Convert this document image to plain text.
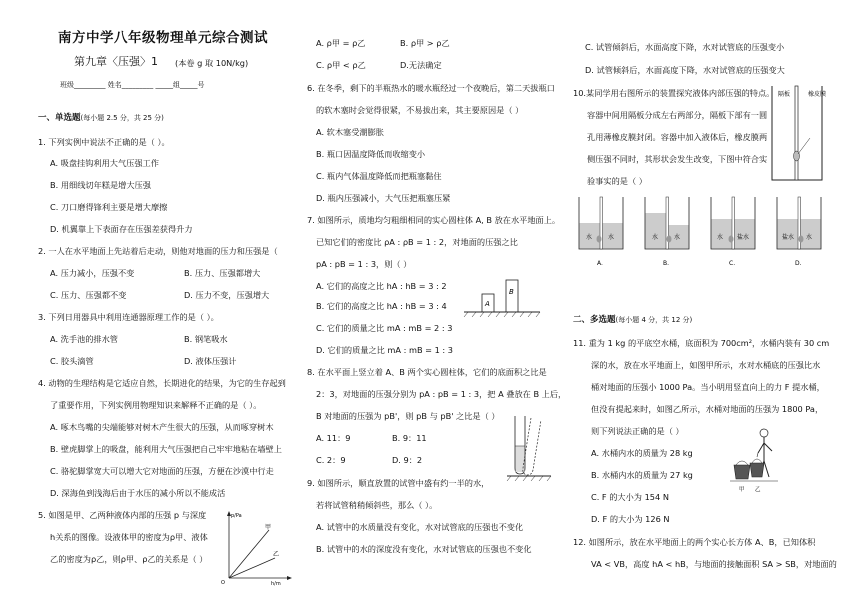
南方中学八年级物理单元综合测试
第九章〈压强〉1 (本卷 g 取 10N/kg)
班级_________ 姓名_________ _____组_____号
一、单选题(每小题 2.5 分，共 25 分)
1. 下列实例中说法不正确的是（ ）。
A. 吸盘挂钩利用大气压强工作
B. 用细线切年糕是增大压强
C. 刀口磨得锋利主要是增大摩擦
D. 机翼靠上下表面存在压强差获得升力
2. 一人在水平地面上先站着后走动，则他对地面的压力和压强是（
A. 压力减小，压强不变	B. 压力、压强都增大
C. 压力、压强都不变	D. 压力不变，压强增大
3. 下列日用器具中利用连通器原理工作的是（ ）。
A. 洗手池的排水管	B. 钢笔吸水
C. 胶头滴管	D. 液体压强计
4. 动物的生理结构是它适应自然，长期进化的结果，为它的生存起到
了重要作用，下列实例用物理知识来解释不正确的是（ ）。
A. 啄木鸟嘴的尖端能够对树木产生很大的压强，从而啄穿树木
B. 壁虎脚掌上的吸盘，能利用大气压强把自己牢牢地粘在墙壁上
C. 骆驼脚掌宽大可以增大它对地面的压强，方便在沙漠中行走
D. 深海鱼到浅海后由于水压的减小所以不能成活
5. 如图是甲、乙两种液体内部的压强 p 与深度
h关系的图像。设液体甲的密度为ρ甲、液体
乙的密度为ρ乙，则ρ甲、ρ乙的关系是（ ）
p/Pa
h/m
O
甲
乙
A. ρ甲 = ρ乙	B. ρ甲 > ρ乙
C. ρ甲 < ρ乙	D.无法确定
6. 在冬季，剩下的半瓶热水的暖水瓶经过一个夜晚后，第二天拔瓶口
的软木塞时会觉得很紧，不易拔出来，其主要原因是（ ）
A. 软木塞受潮膨胀
B. 瓶口因温度降低而收缩变小
C. 瓶内气体温度降低而把瓶塞黏住
D. 瓶内压强减小，大气压把瓶塞压紧
7. 如图所示，质地均匀粗细相同的实心圆柱体 A, B 放在水平地面上。
已知它们的密度比 ρA : ρB = 1 : 2，对地面的压强之比
pA : pB = 1 : 3，则（ ）
A. 它们的高度之比 hA : hB = 3 : 2
B. 它们的高度之比 hA : hB = 3 : 4
C. 它们的质量之比 mA : mB = 2 : 3
D. 它们的质量之比 mA : mB = 1 : 3
A
B
8. 在水平面上竖立着 A、B 两个实心圆柱体，它们的底面积之比是
2：3，对地面的压强分别为 pA : pB = 1 : 3，把 A 叠放在 B 上后，
B 对地面的压强为 pB'，则 pB 与 pB' 之比是（ ）
A. 11：9	B. 9：11
C. 2：9	D. 9：2
9. 如图所示，顺直放置的试管中盛有约一半的水，
若将试管稍稍倾斜些，那么（ ）。
A. 试管中的水质量没有变化，水对试管底的压强也不变化
B. 试管中的水的深度没有变化，水对试管底的压强也不变化
C. 试管倾斜后，水面高度下降，水对试管底的压强变小
D. 试管倾斜后，水面高度下降，水对试管底的压强变大
10.某同学用右图所示的装置探究液体内部压强的特点。
容器中间用隔板分成左右两部分，隔板下部有一圆
孔用薄橡皮膜封闭。容器中加入液体后，橡皮膜两
侧压强不同时，其形状会发生改变，下图中符合实
验事实的是（ ）
隔板	橡皮膜
水	水
A.
水	水
B.
水 盐水
C.
盐水 水
D.
二、多选题(每小题 4 分，共 12 分)
11. 重为 1 kg 的平底空水桶，底面积为 700cm²，水桶内装有 30 cm
深的水，放在水平地面上，如图甲所示，水对水桶底的压强比水
桶对地面的压强小 1000 Pa。当小明用竖直向上的力 F 提水桶，
但没有提起来时，如图乙所示，水桶对地面的压强为 1800 Pa，
则下列说法正确的是（ ）
A. 水桶内水的质量为 28 kg
B. 水桶内水的质量为 27 kg
C. F 的大小为 154 N
D. F 的大小为 126 N
甲 乙
12. 如图所示，放在水平地面上的两个实心长方体 A、B，已知体积
VA < VB，高度 hA < hB，与地面的接触面积 SA > SB，对地面的
